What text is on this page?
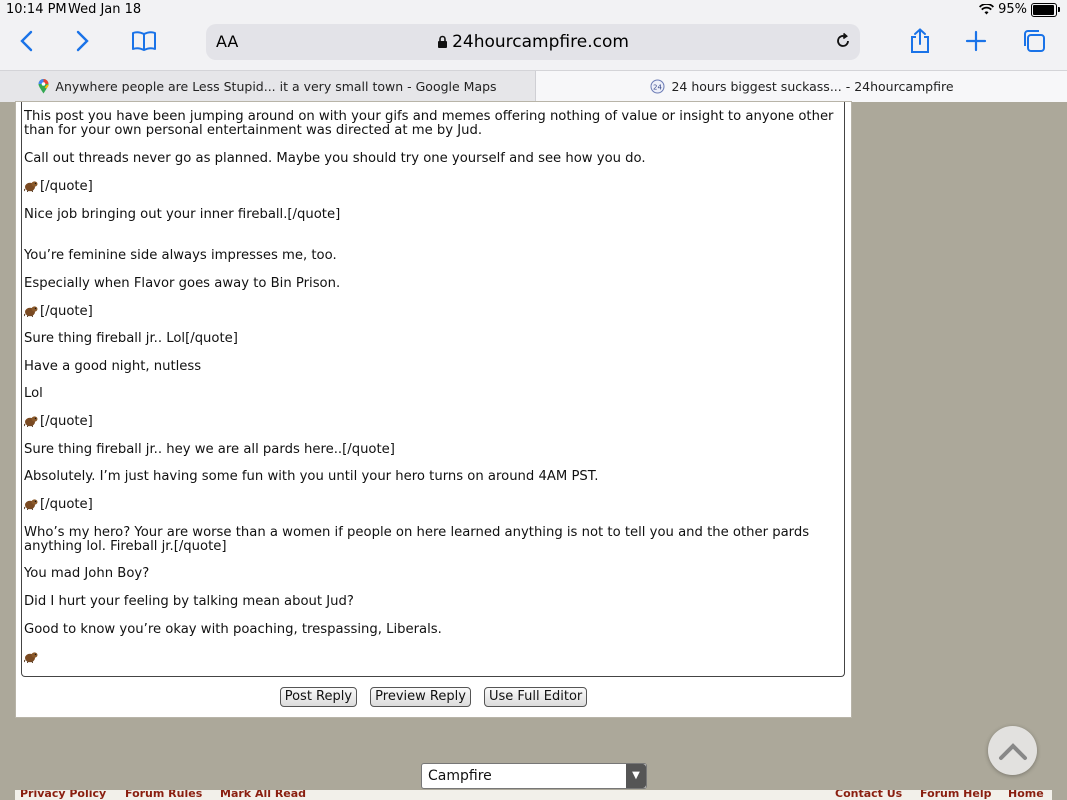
10:14 PM Wed Jan 18	95%
AA	24hourcampfire.com
Anywhere people are Less Stupid... it a very small town - Google Maps	24 24 hours biggest suckass... - 24hourcampfire
This post you have been jumping around on with your gifs and memes offering nothing of value or insight to anyone other
than for your own personal entertainment was directed at me by Jud.
Call out threads never go as planned. Maybe you should try one yourself and see how you do.
[/quote]
Nice job bringing out your inner fireball.[/quote]
You’re feminine side always impresses me, too.
Especially when Flavor goes away to Bin Prison.
[/quote]
Sure thing fireball jr.. Lol[/quote]
Have a good night, nutless
Lol
[/quote]
Sure thing fireball jr.. hey we are all pards here..[/quote]
Absolutely. I’m just having some fun with you until your hero turns on around 4AM PST.
[/quote]
Who’s my hero? Your are worse than a women if people on here learned anything is not to tell you and the other pards
anything lol. Fireball jr.[/quote]
You mad John Boy?
Did I hurt your feeling by talking mean about Jud?
Good to know you’re okay with poaching, trespassing, Liberals.
Post Reply Preview Reply Use Full Editor
Campfire	▼
Privacy Policy Forum Rules Mark All Read	Contact Us Forum Help Home
